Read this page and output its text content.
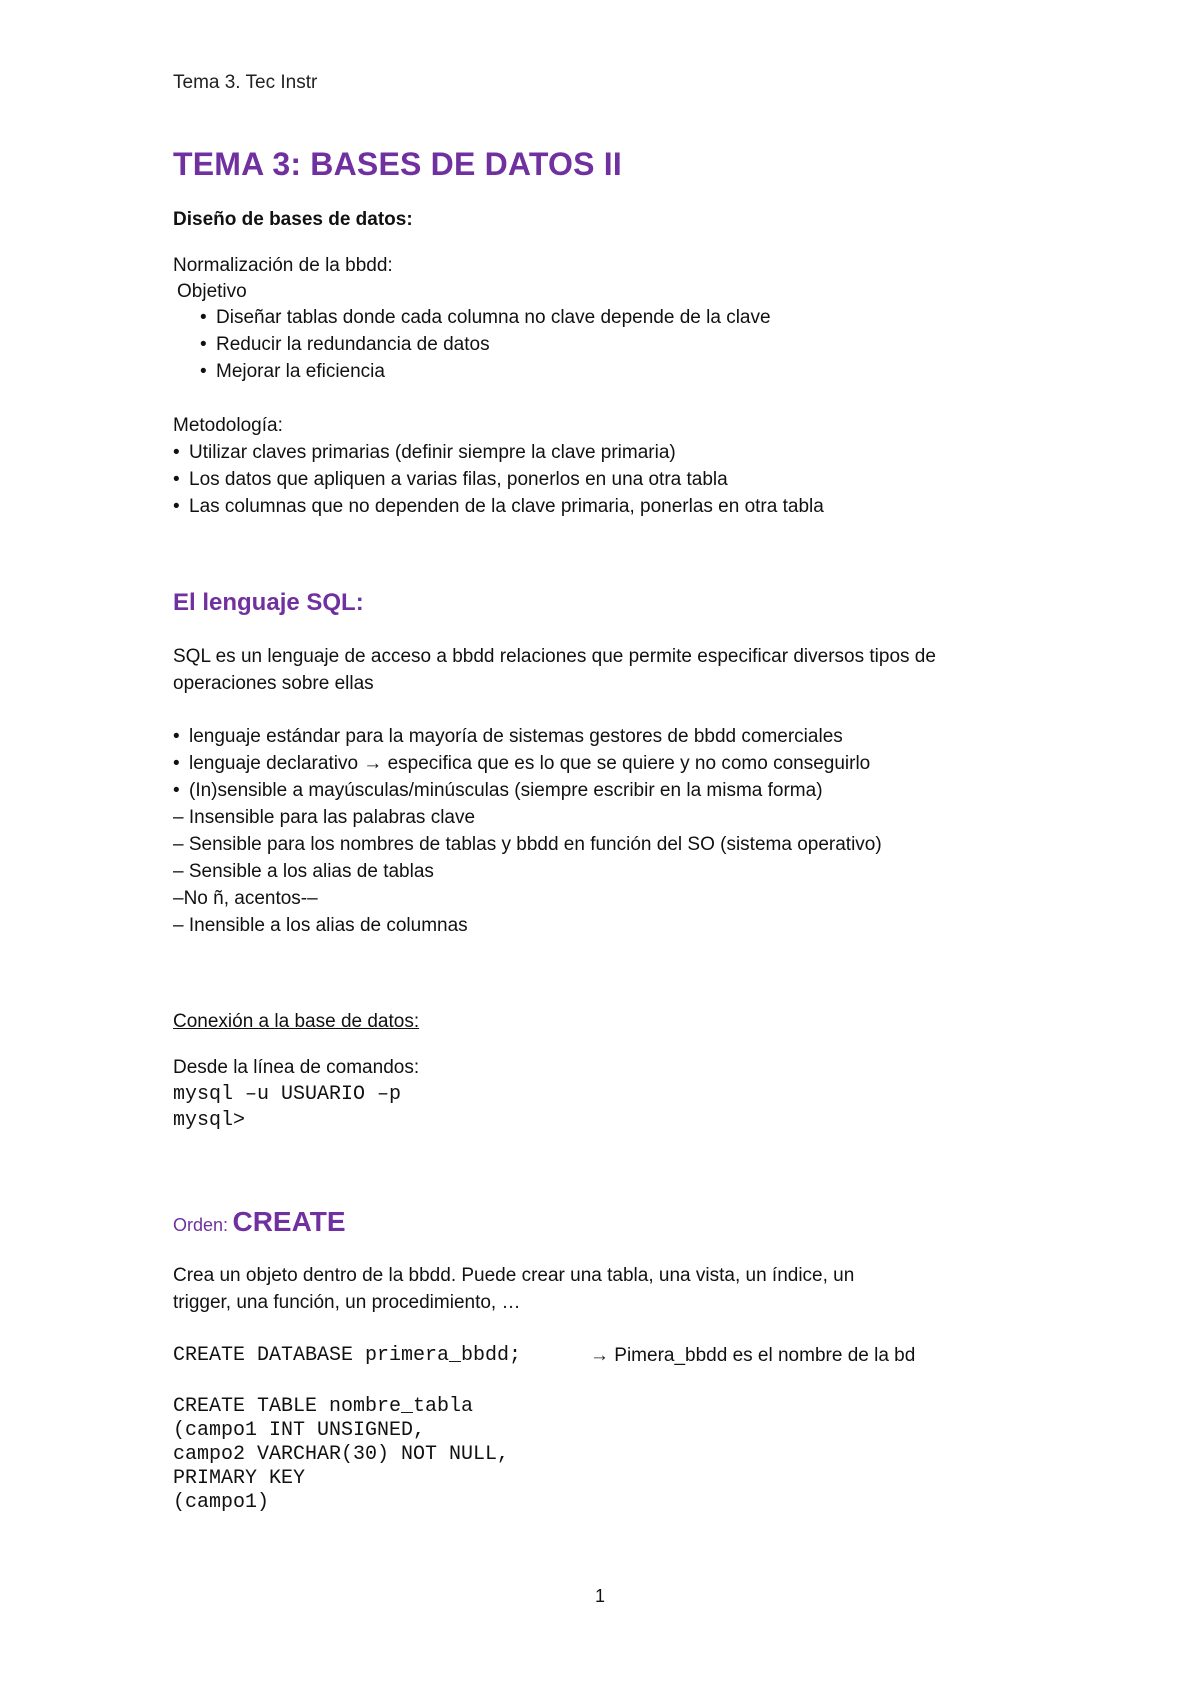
Tema 3. Tec Instr
TEMA 3: BASES DE DATOS II
Diseño de bases de datos:
Normalización de la bbdd:
Objetivo
• Diseñar tablas donde cada columna no clave depende de la clave
• Reducir la redundancia de datos
• Mejorar la eficiencia
Metodología:
• Utilizar claves primarias (definir siempre la clave primaria)
• Los datos que apliquen a varias filas, ponerlos en una otra tabla
• Las columnas que no dependen de la clave primaria, ponerlas en otra tabla
El lenguaje SQL:
SQL es un lenguaje de acceso a bbdd relaciones que permite especificar diversos tipos de
operaciones sobre ellas
• lenguaje estándar para la mayoría de sistemas gestores de bbdd comerciales
• lenguaje declarativo → especifica que es lo que se quiere y no como conseguirlo
• (In)sensible a mayúsculas/minúsculas (siempre escribir en la misma forma)
– Insensible para las palabras clave
– Sensible para los nombres de tablas y bbdd en función del SO (sistema operativo)
– Sensible a los alias de tablas
–No ñ, acentos-–
– Inensible a los alias de columnas
Conexión a la base de datos:
Desde la línea de comandos:
mysql –u USUARIO –p
mysql>
Orden: CREATE
Crea un objeto dentro de la bbdd. Puede crear una tabla, una vista, un índice, un
trigger, una función, un procedimiento, …
CREATE DATABASE primera_bbdd;	→ Pimera_bbdd es el nombre de la bd
CREATE TABLE nombre_tabla
(campo1 INT UNSIGNED,
campo2 VARCHAR(30) NOT NULL,
PRIMARY KEY
(campo1)
1
